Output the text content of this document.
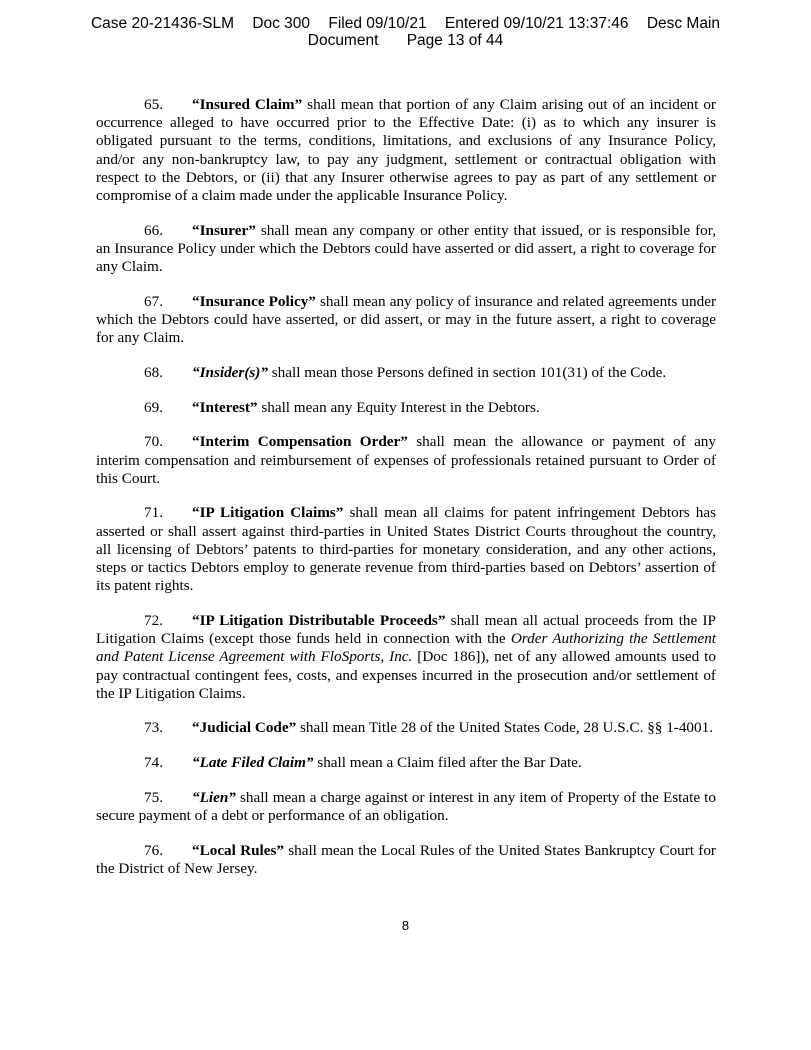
Case 20-21436-SLM Doc 300 Filed 09/10/21 Entered 09/10/21 13:37:46 Desc Main
Document Page 13 of 44

65. “Insured Claim” shall mean that portion of any Claim arising out of an incident or occurrence alleged to have occurred prior to the Effective Date: (i) as to which any insurer is obligated pursuant to the terms, conditions, limitations, and exclusions of any Insurance Policy, and/or any non-bankruptcy law, to pay any judgment, settlement or contractual obligation with respect to the Debtors, or (ii) that any Insurer otherwise agrees to pay as part of any settlement or compromise of a claim made under the applicable Insurance Policy.

66. “Insurer” shall mean any company or other entity that issued, or is responsible for, an Insurance Policy under which the Debtors could have asserted or did assert, a right to coverage for any Claim.

67. “Insurance Policy” shall mean any policy of insurance and related agreements under which the Debtors could have asserted, or did assert, or may in the future assert, a right to coverage for any Claim.

68. “Insider(s)” shall mean those Persons defined in section 101(31) of the Code.

69. “Interest” shall mean any Equity Interest in the Debtors.

70. “Interim Compensation Order” shall mean the allowance or payment of any interim compensation and reimbursement of expenses of professionals retained pursuant to Order of this Court.

71. “IP Litigation Claims” shall mean all claims for patent infringement Debtors has asserted or shall assert against third-parties in United States District Courts throughout the country, all licensing of Debtors’ patents to third-parties for monetary consideration, and any other actions, steps or tactics Debtors employ to generate revenue from third-parties based on Debtors’ assertion of its patent rights.

72. “IP Litigation Distributable Proceeds” shall mean all actual proceeds from the IP Litigation Claims (except those funds held in connection with the Order Authorizing the Settlement and Patent License Agreement with FloSports, Inc. [Doc 186]), net of any allowed amounts used to pay contractual contingent fees, costs, and expenses incurred in the prosecution and/or settlement of the IP Litigation Claims.

73. “Judicial Code” shall mean Title 28 of the United States Code, 28 U.S.C. §§ 1-4001.

74. “Late Filed Claim” shall mean a Claim filed after the Bar Date.

75. “Lien” shall mean a charge against or interest in any item of Property of the Estate to secure payment of a debt or performance of an obligation.

76. “Local Rules” shall mean the Local Rules of the United States Bankruptcy Court for the District of New Jersey.

8
